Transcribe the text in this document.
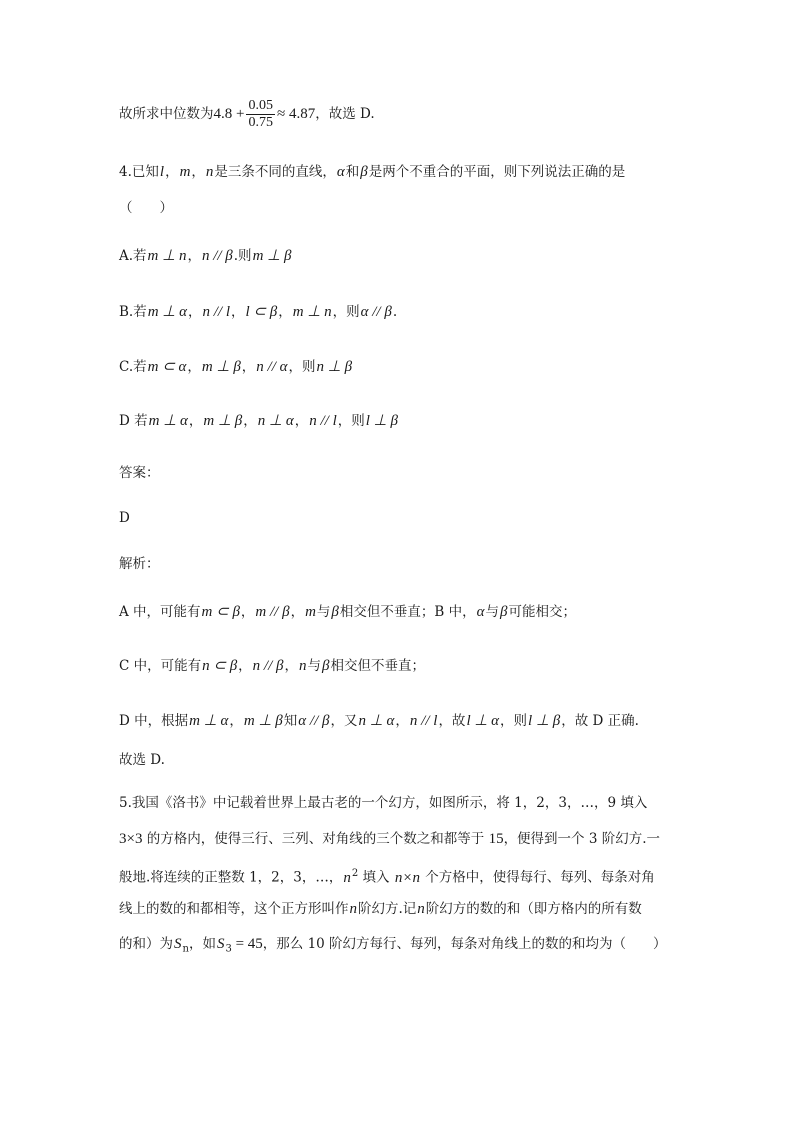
故所求中位数为$4.8 + \frac{0.05}{0.75} \approx 4.87$，故选 D.
4.已知l，m，n是三条不同的直线，α和β是两个不重合的平面，则下列说法正确的是
（　　）
A.若m ⊥ n，n // β.则m ⊥ β
B.若m ⊥ α，n // l，l ⊂ β，m ⊥ n，则α // β.
C.若m ⊂ α，m ⊥ β，n // α，则n ⊥ β
D 若m ⊥ α，m ⊥ β，n ⊥ α，n // l，则l ⊥ β
答案：
D
解析：
A 中，可能有m ⊂ β，m // β，m与β相交但不垂直；B 中，α与β可能相交；
C 中，可能有n ⊂ β，n // β，n与β相交但不垂直；
D 中，根据m ⊥ α，m ⊥ β知α // β，又n ⊥ α，n // l，故l ⊥ α，则l ⊥ β，故 D 正确.
故选 D.
5.我国《洛书》中记载着世界上最古老的一个幻方，如图所示，将 1，2，3，…，9 填入
3×3 的方格内，使得三行、三列、对角线的三个数之和都等于 15，便得到一个 3 阶幻方.一
般地.将连续的正整数 1，2，3，…，$n^2$ 填入 n×n 个方格中，使得每行、每列、每条对角
线上的数的和都相等，这个正方形叫作n阶幻方.记n阶幻方的数的和（即方格内的所有数
的和）为$S_n$，如$S_3 = 45$，那么 10 阶幻方每行、每列，每条对角线上的数的和均为（　　）
